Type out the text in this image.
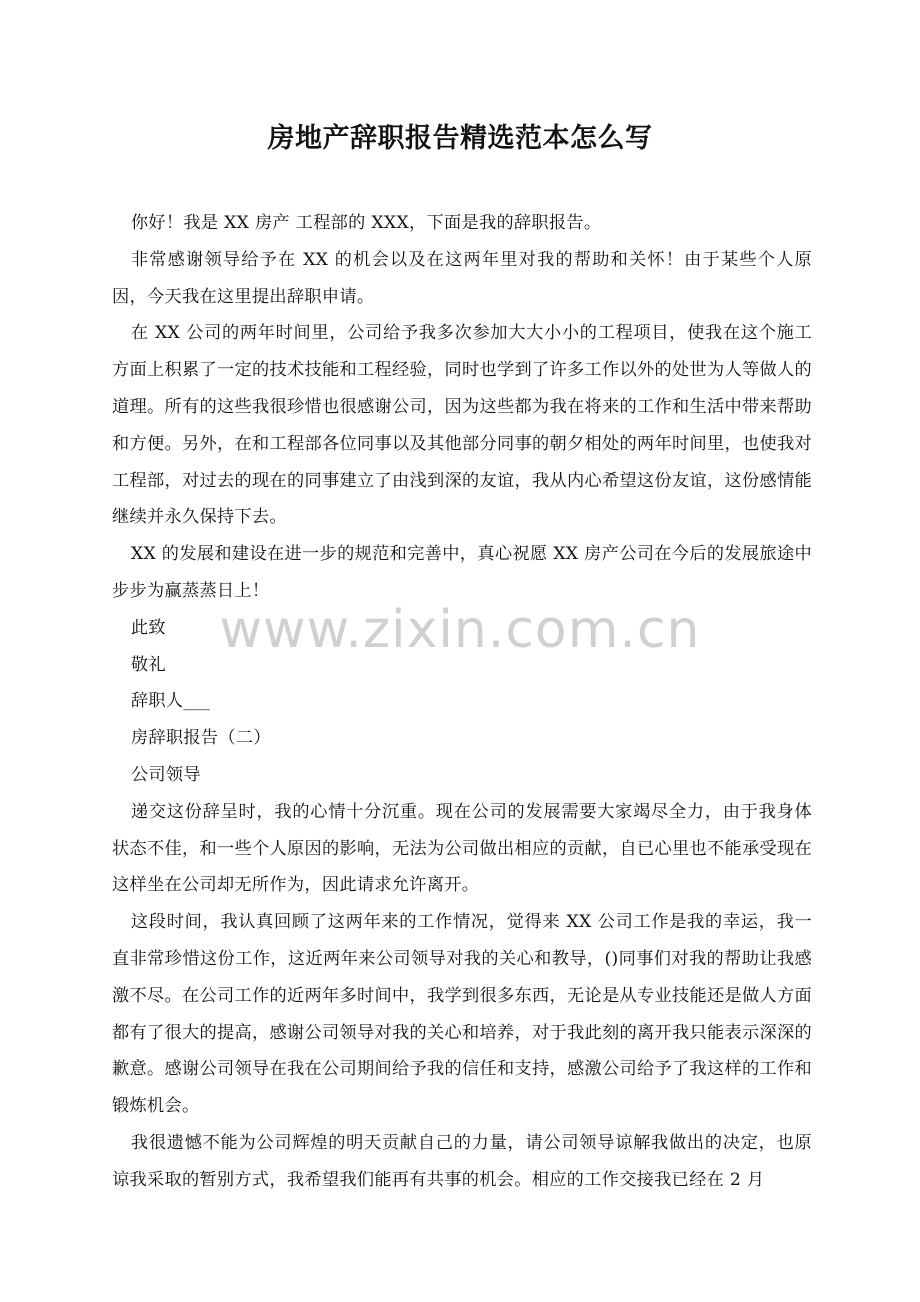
房地产辞职报告精选范本怎么写

你好！我是 XX 房产 工程部的 XXX，下面是我的辞职报告。

非常感谢领导给予在 XX 的机会以及在这两年里对我的帮助和关怀！由于某些个人原因，今天我在这里提出辞职申请。

在 XX 公司的两年时间里，公司给予我多次参加大大小小的工程项目，使我在这个施工方面上积累了一定的技术技能和工程经验，同时也学到了许多工作以外的处世为人等做人的道理。所有的这些我很珍惜也很感谢公司，因为这些都为我在将来的工作和生活中带来帮助和方便。另外，在和工程部各位同事以及其他部分同事的朝夕相处的两年时间里，也使我对工程部，对过去的现在的同事建立了由浅到深的友谊，我从内心希望这份友谊，这份感情能继续并永久保持下去。

XX 的发展和建设在进一步的规范和完善中，真心祝愿 XX 房产公司在今后的发展旅途中步步为赢蒸蒸日上！

此致

敬礼

辞职人___

房辞职报告（二）

公司领导

递交这份辞呈时，我的心情十分沉重。现在公司的发展需要大家竭尽全力，由于我身体状态不佳，和一些个人原因的影响，无法为公司做出相应的贡献，自已心里也不能承受现在这样坐在公司却无所作为，因此请求允许离开。

这段时间，我认真回顾了这两年来的工作情况，觉得来 XX 公司工作是我的幸运，我一直非常珍惜这份工作，这近两年来公司领导对我的关心和教导，()同事们对我的帮助让我感激不尽。在公司工作的近两年多时间中，我学到很多东西，无论是从专业技能还是做人方面都有了很大的提高，感谢公司领导对我的关心和培养，对于我此刻的离开我只能表示深深的歉意。感谢公司领导在我在公司期间给予我的信任和支持，感激公司给予了我这样的工作和锻炼机会。

我很遗憾不能为公司辉煌的明天贡献自己的力量，请公司领导谅解我做出的决定，也原谅我采取的暂别方式，我希望我们能再有共事的机会。相应的工作交接我已经在 2 月

www.zixin.com.cn
